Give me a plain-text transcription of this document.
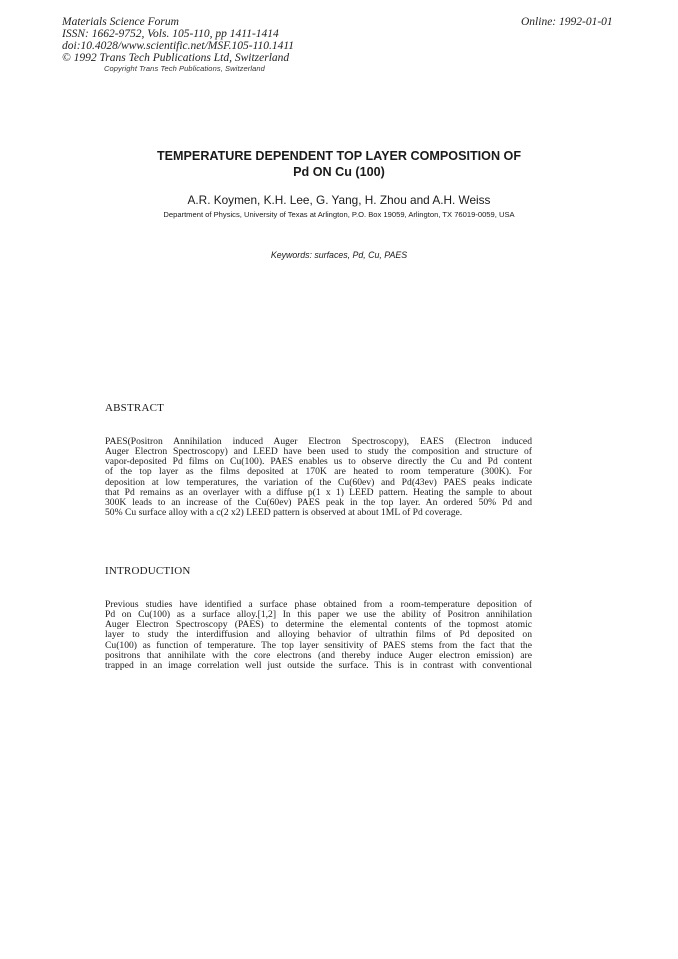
Materials Science Forum
ISSN: 1662-9752, Vols. 105-110, pp 1411-1414
doi:10.4028/www.scientific.net/MSF.105-110.1411
© 1992 Trans Tech Publications Ltd, Switzerland
Copyright Trans Tech Publications, Switzerland
Online: 1992-01-01
TEMPERATURE DEPENDENT TOP LAYER COMPOSITION OF
Pd ON Cu (100)
A.R. Koymen, K.H. Lee, G. Yang, H. Zhou and A.H. Weiss
Department of Physics, University of Texas at Arlington, P.O. Box 19059, Arlington, TX 76019-0059, USA
Keywords: surfaces, Pd, Cu, PAES
ABSTRACT
PAES(Positron Annihilation induced Auger Electron Spectroscopy), EAES (Electron induced
Auger Electron Spectroscopy) and LEED have been used to study the composition and structure of
vapor-deposited Pd films on Cu(100). PAES enables us to observe directly the Cu and Pd content
of the top layer as the films deposited at 170K are heated to room temperature (300K). For
deposition at low temperatures, the variation of the Cu(60ev) and Pd(43ev) PAES peaks indicate
that Pd remains as an overlayer with a diffuse p(1 x 1) LEED pattern. Heating the sample to about
300K leads to an increase of the Cu(60ev) PAES peak in the top layer. An ordered 50% Pd and
50% Cu surface alloy with a c(2 x2) LEED pattern is observed at about 1ML of Pd coverage.
INTRODUCTION
Previous studies have identified a surface phase obtained from a room-temperature deposition of
Pd on Cu(100) as a surface alloy.[1,2] In this paper we use the ability of Positron annihilation
Auger Electron Spectroscopy (PAES) to determine the elemental contents of the topmost atomic
layer to study the interdiffusion and alloying behavior of ultrathin films of Pd deposited on
Cu(100) as function of temperature. The top layer sensitivity of PAES stems from the fact that the
positrons that annihilate with the core electrons (and thereby induce Auger electron emission) are
trapped in an image correlation well just outside the surface. This is in contrast with conventional
